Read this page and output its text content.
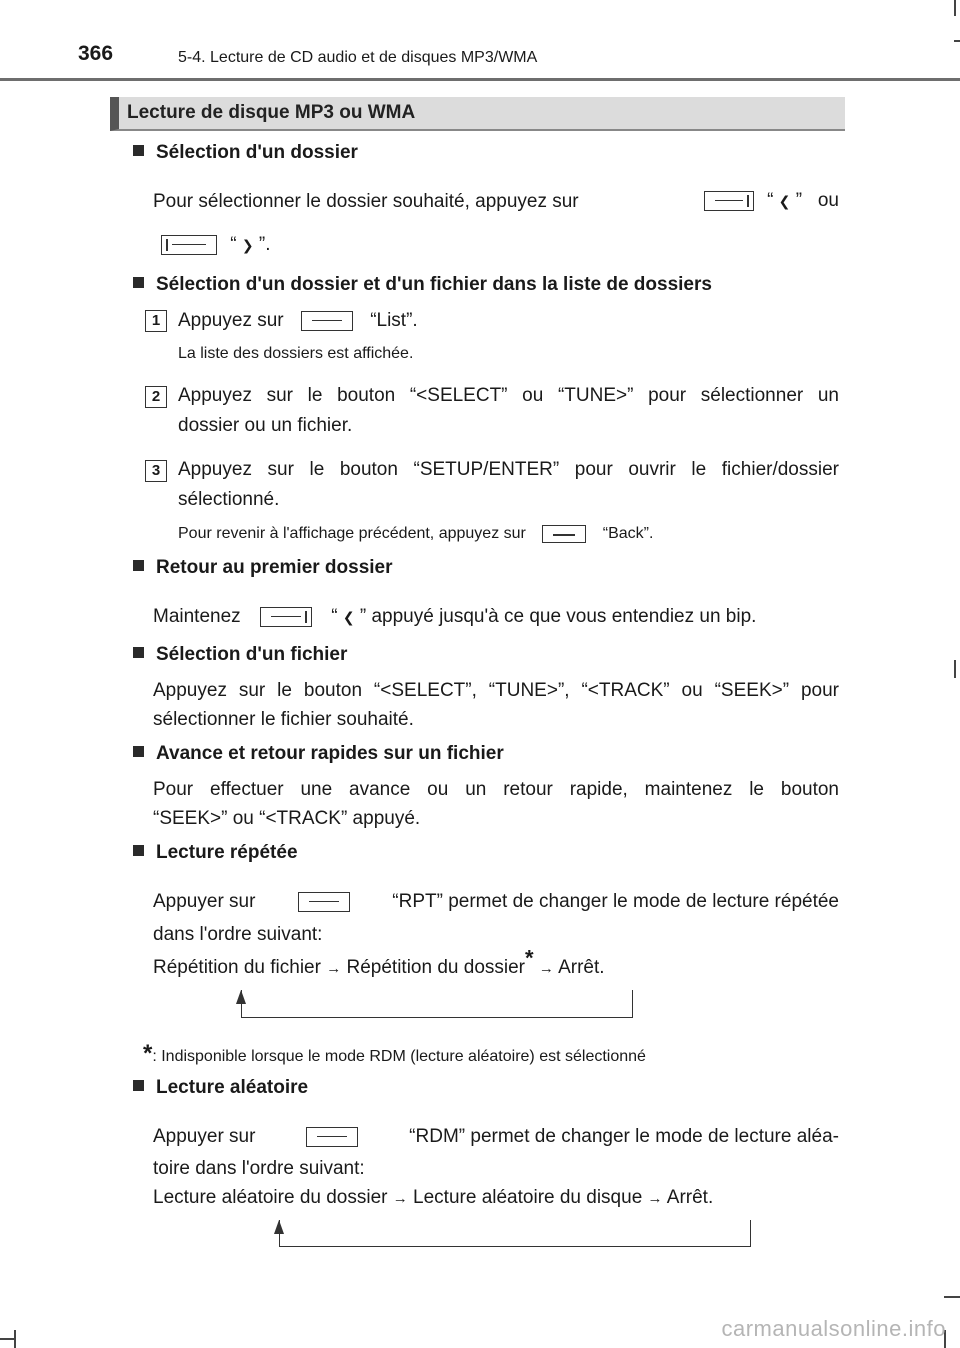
366	5-4. Lecture de CD audio et de disques MP3/WMA
Lecture de disque MP3 ou WMA
Sélection d'un dossier
Pour sélectionner le dossier souhaité, appuyez sur	“ ❮ ” ou
“ ❯ ”.
Sélection d'un dossier et d'un fichier dans la liste de dossiers
1 Appuyez sur	“List”.
La liste des dossiers est affichée.
2 Appuyez sur le bouton “<SELECT” ou “TUNE>” pour sélectionner un
dossier ou un fichier.
3 Appuyez sur le bouton “SETUP/ENTER” pour ouvrir le fichier/dossier
sélectionné.
Pour revenir à l'affichage précédent, appuyez sur	“Back”.
Retour au premier dossier
Maintenez	“ ❮ ” appuyé jusqu'à ce que vous entendiez un bip.
Sélection d'un fichier
Appuyez sur le bouton “<SELECT”, “TUNE>”, “<TRACK” ou “SEEK>” pour
sélectionner le fichier souhaité.
Avance et retour rapides sur un fichier
Pour effectuer une avance ou un retour rapide, maintenez le bouton
“SEEK>” ou “<TRACK” appuyé.
Lecture répétée
Appuyer sur	“RPT” permet de changer le mode de lecture répétée
dans l'ordre suivant:
Répétition du fichier → Répétition du dossier* → Arrêt.
*: Indisponible lorsque le mode RDM (lecture aléatoire) est sélectionné
Lecture aléatoire
Appuyer sur	“RDM” permet de changer le mode de lecture aléa-
toire dans l'ordre suivant:
Lecture aléatoire du dossier → Lecture aléatoire du disque → Arrêt.
carmanualsonline.info
